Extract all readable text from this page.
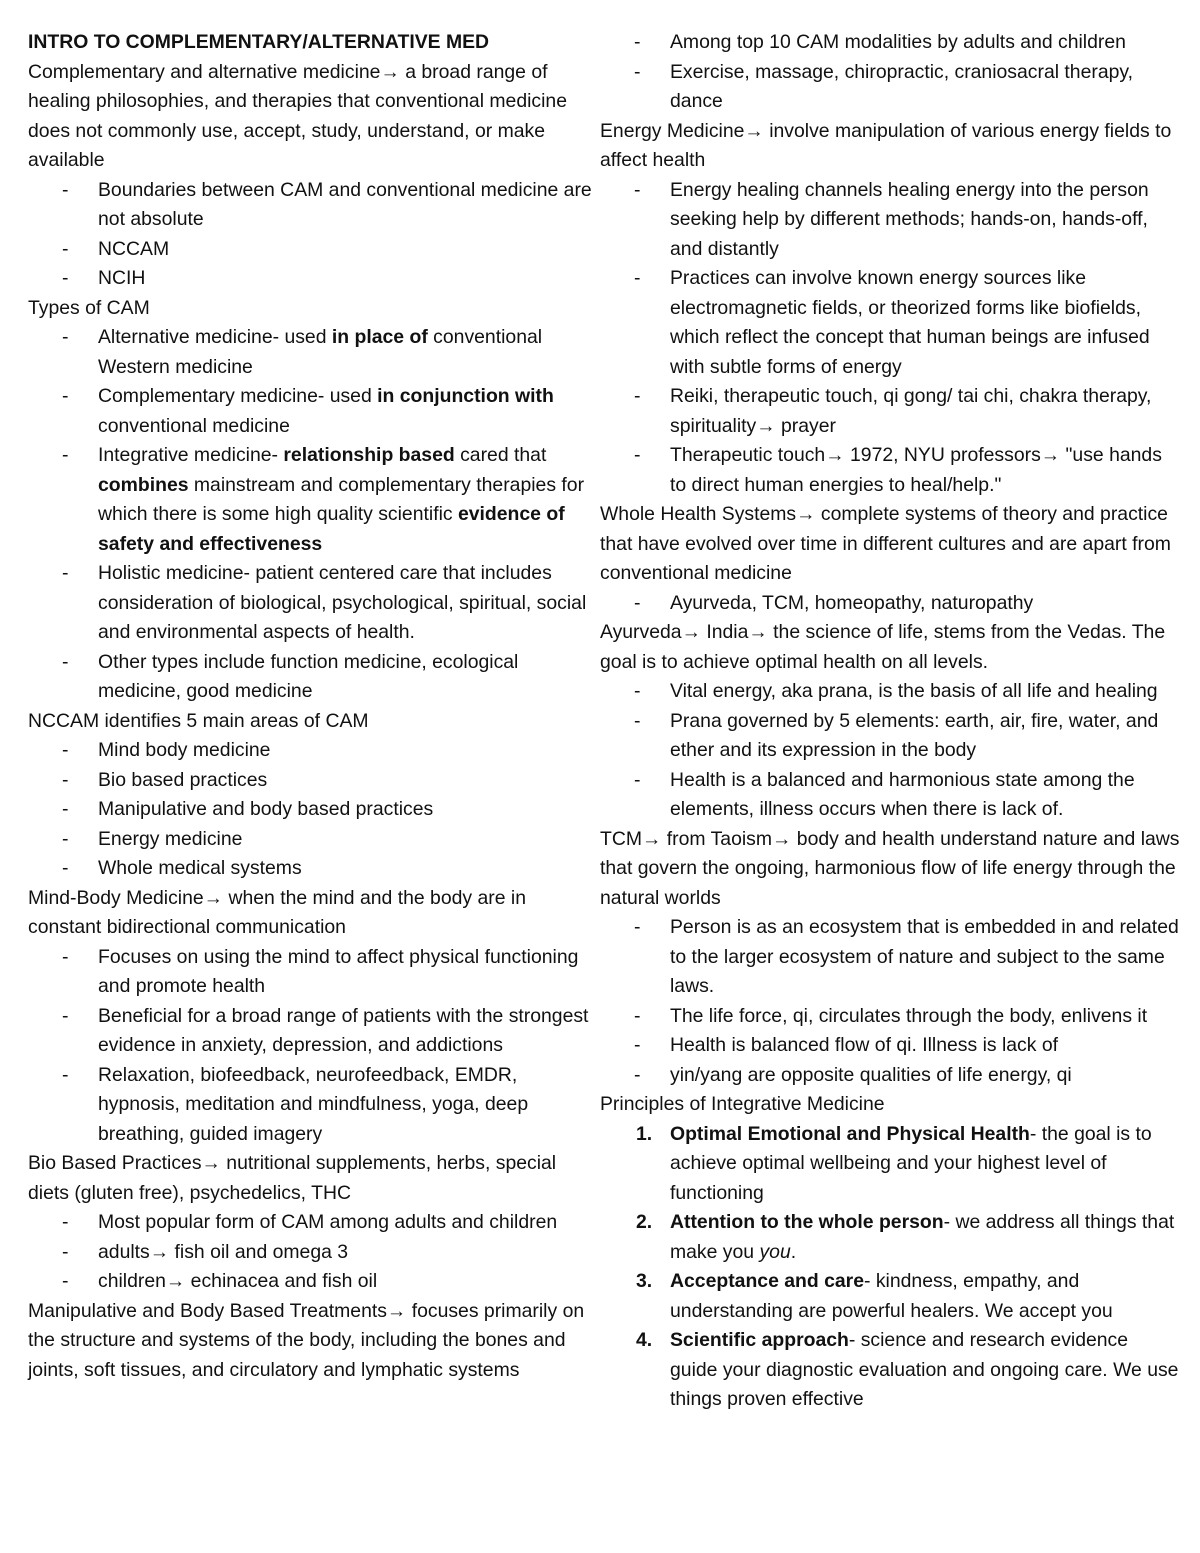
INTRO TO COMPLEMENTARY/ALTERNATIVE MED

Complementary and alternative medicine→ a broad range of healing philosophies, and therapies that conventional medicine does not commonly use, accept, study, understand, or make available

- Boundaries between CAM and conventional medicine are not absolute
- NCCAM
- NCIH

Types of CAM

- Alternative medicine- used in place of conventional Western medicine
- Complementary medicine- used in conjunction with conventional medicine
- Integrative medicine- relationship based cared that combines mainstream and complementary therapies for which there is some high quality scientific evidence of safety and effectiveness
- Holistic medicine- patient centered care that includes consideration of biological, psychological, spiritual, social and environmental aspects of health.
- Other types include function medicine, ecological medicine, good medicine

NCCAM identifies 5 main areas of CAM

- Mind body medicine
- Bio based practices
- Manipulative and body based practices
- Energy medicine
- Whole medical systems

Mind-Body Medicine→ when the mind and the body are in constant bidirectional communication

- Focuses on using the mind to affect physical functioning and promote health
- Beneficial for a broad range of patients with the strongest evidence in anxiety, depression, and addictions
- Relaxation, biofeedback, neurofeedback, EMDR, hypnosis, meditation and mindfulness, yoga, deep breathing, guided imagery

Bio Based Practices→ nutritional supplements, herbs, special diets (gluten free), psychedelics, THC

- Most popular form of CAM among adults and children
- adults→ fish oil and omega 3
- children→ echinacea and fish oil

Manipulative and Body Based Treatments→ focuses primarily on the structure and systems of the body, including the bones and joints, soft tissues, and circulatory and lymphatic systems

- Among top 10 CAM modalities by adults and children
- Exercise, massage, chiropractic, craniosacral therapy, dance

Energy Medicine→ involve manipulation of various energy fields to affect health

- Energy healing channels healing energy into the person seeking help by different methods; hands-on, hands-off, and distantly
- Practices can involve known energy sources like electromagnetic fields, or theorized forms like biofields, which reflect the concept that human beings are infused with subtle forms of energy
- Reiki, therapeutic touch, qi gong/ tai chi, chakra therapy, spirituality→ prayer
- Therapeutic touch→ 1972, NYU professors→ "use hands to direct human energies to heal/help."

Whole Health Systems→ complete systems of theory and practice that have evolved over time in different cultures and are apart from conventional medicine

- Ayurveda, TCM, homeopathy, naturopathy

Ayurveda→ India→ the science of life, stems from the Vedas. The goal is to achieve optimal health on all levels.

- Vital energy, aka prana, is the basis of all life and healing
- Prana governed by 5 elements: earth, air, fire, water, and ether and its expression in the body
- Health is a balanced and harmonious state among the elements, illness occurs when there is lack of.

TCM→ from Taoism→ body and health understand nature and laws that govern the ongoing, harmonious flow of life energy through the natural worlds

- Person is as an ecosystem that is embedded in and related to the larger ecosystem of nature and subject to the same laws.
- The life force, qi, circulates through the body, enlivens it
- Health is balanced flow of qi. Illness is lack of
- yin/yang are opposite qualities of life energy, qi

Principles of Integrative Medicine

1. Optimal Emotional and Physical Health- the goal is to achieve optimal wellbeing and your highest level of functioning
2. Attention to the whole person- we address all things that make you you.
3. Acceptance and care- kindness, empathy, and understanding are powerful healers. We accept you
4. Scientific approach- science and research evidence guide your diagnostic evaluation and ongoing care. We use things proven effective
